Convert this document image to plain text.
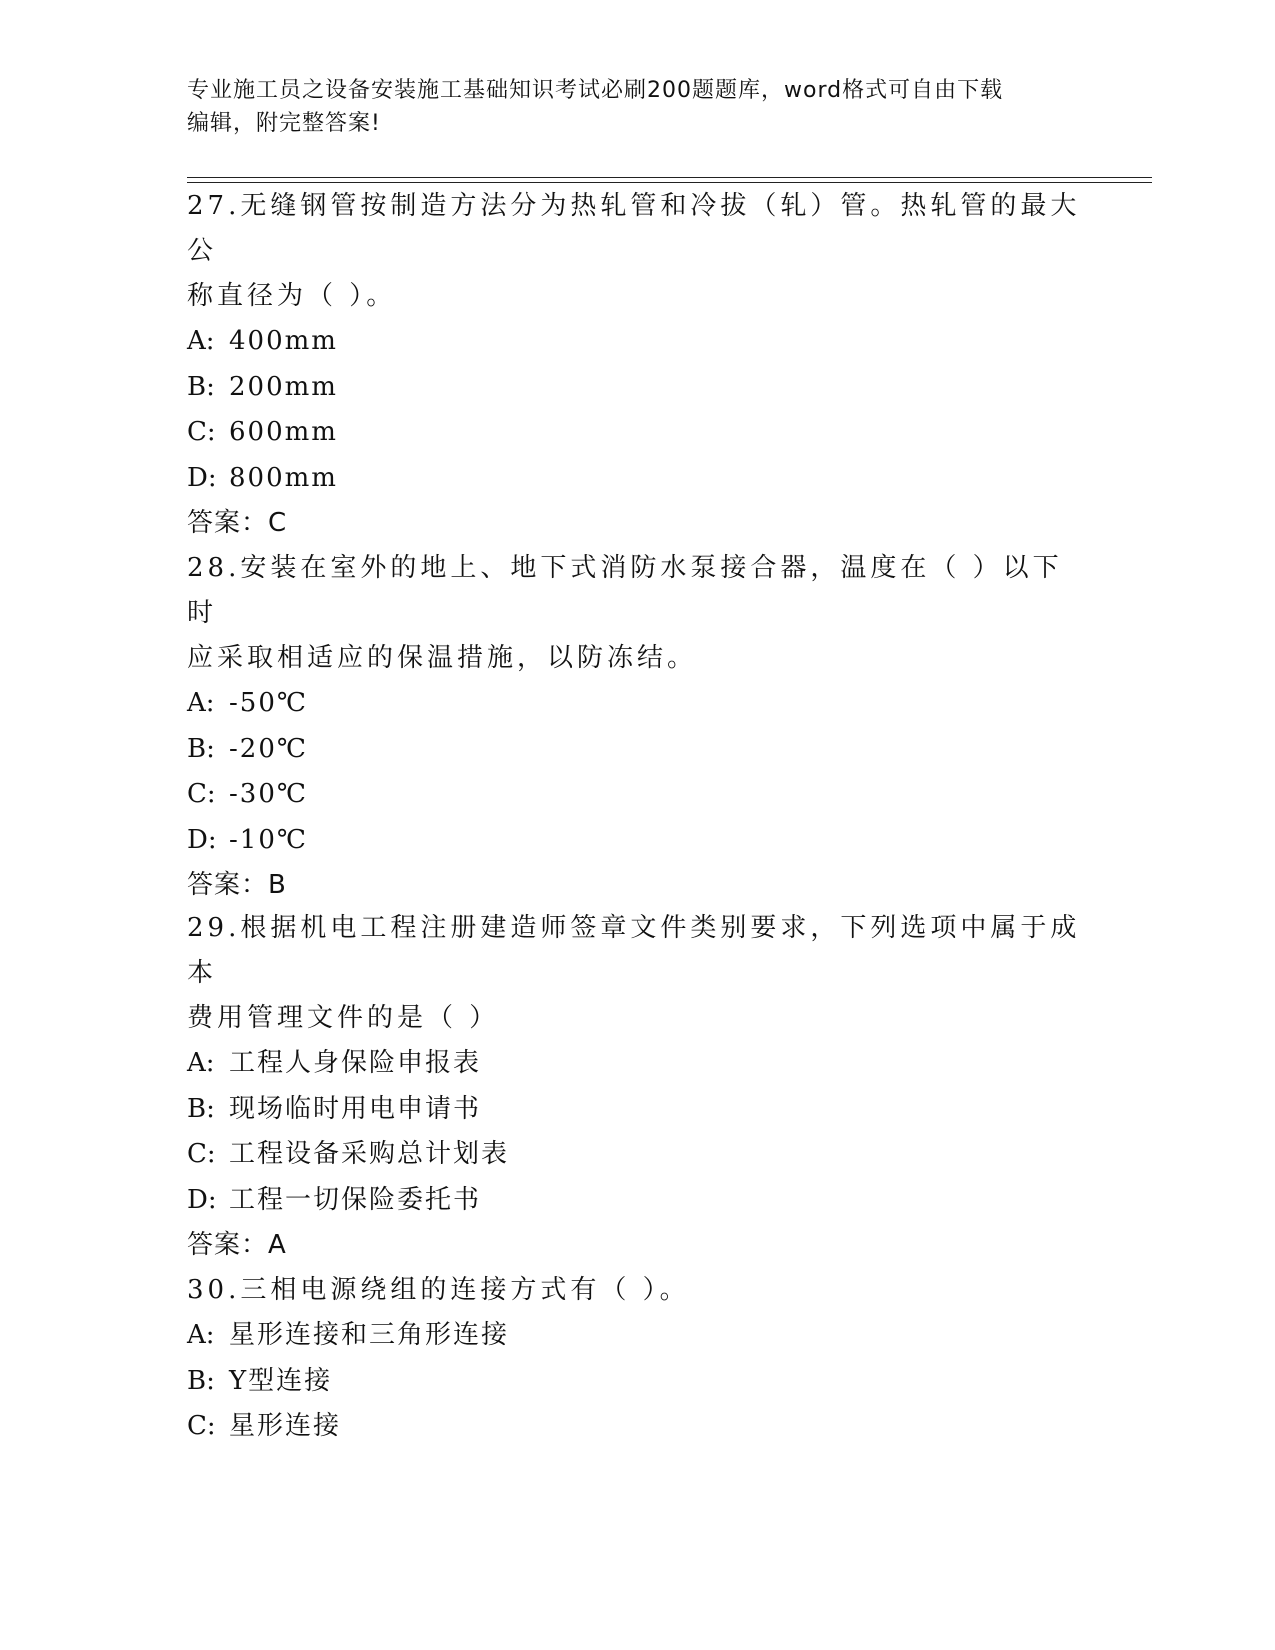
专业施工员之设备安装施工基础知识考试必刷200题题库，word格式可自由下载
编辑，附完整答案!
27.无缝钢管按制造方法分为热轧管和冷拔（轧）管。热轧管的最大公
称直径为（ ）。
A: 400mm
B: 200mm
C: 600mm
D: 800mm
答案：C
28.安装在室外的地上、地下式消防水泵接合器，温度在（ ）以下时
应采取相适应的保温措施，以防冻结。
A: -50℃
B: -20℃
C: -30℃
D: -10℃
答案：B
29.根据机电工程注册建造师签章文件类别要求，下列选项中属于成本
费用管理文件的是（ ）
A: 工程人身保险申报表
B: 现场临时用电申请书
C: 工程设备采购总计划表
D: 工程一切保险委托书
答案：A
30.三相电源绕组的连接方式有（ ）。
A: 星形连接和三角形连接
B: Y型连接
C: 星形连接
